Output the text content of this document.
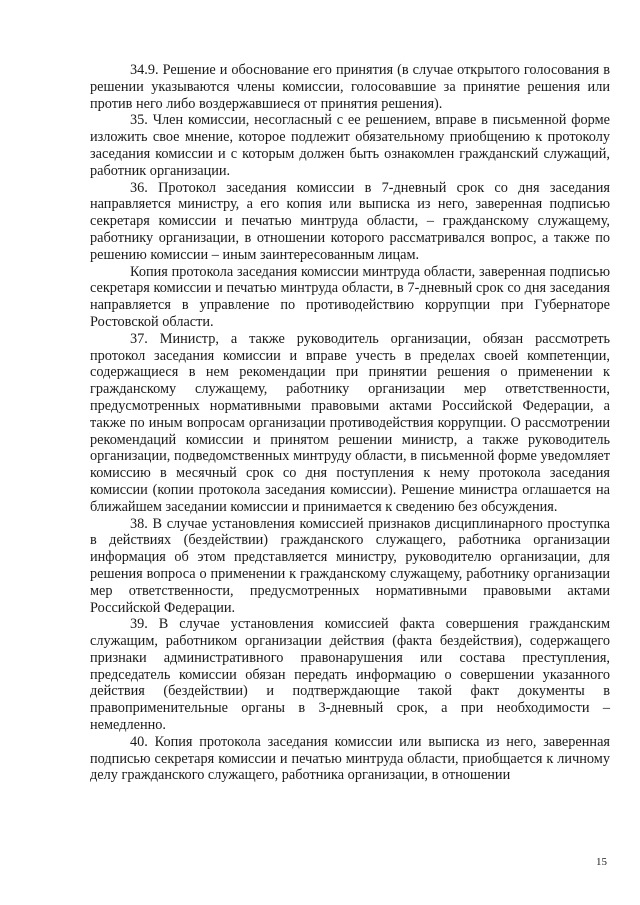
34.9. Решение и обоснование его принятия (в случае открытого голосования в решении указываются члены комиссии, голосовавшие за принятие решения или против него либо воздержавшиеся от принятия решения).

35. Член комиссии, несогласный с ее решением, вправе в письменной форме изложить свое мнение, которое подлежит обязательному приобщению к протоколу заседания комиссии и с которым должен быть ознакомлен гражданский служащий, работник организации.

36. Протокол заседания комиссии в 7-дневный срок со дня заседания направляется министру, а его копия или выписка из него, заверенная подписью секретаря комиссии и печатью минтруда области, – гражданскому служащему, работнику организации, в отношении которого рассматривался вопрос, а также по решению комиссии – иным заинтересованным лицам.

Копия протокола заседания комиссии минтруда области, заверенная подписью секретаря комиссии и печатью минтруда области, в 7-дневный срок со дня заседания направляется в управление по противодействию коррупции при Губернаторе Ростовской области.

37. Министр, а также руководитель организации, обязан рассмотреть протокол заседания комиссии и вправе учесть в пределах своей компетенции, содержащиеся в нем рекомендации при принятии решения о применении к гражданскому служащему, работнику организации мер ответственности, предусмотренных нормативными правовыми актами Российской Федерации, а также по иным вопросам организации противодействия коррупции. О рассмотрении рекомендаций комиссии и принятом решении министр, а также руководитель организации, подведомственных минтруду области, в письменной форме уведомляет комиссию в месячный срок со дня поступления к нему протокола заседания комиссии (копии протокола заседания комиссии). Решение министра оглашается на ближайшем заседании комиссии и принимается к сведению без обсуждения.

38. В случае установления комиссией признаков дисциплинарного проступка в действиях (бездействии) гражданского служащего, работника организации информация об этом представляется министру, руководителю организации, для решения вопроса о применении к гражданскому служащему, работнику организации мер ответственности, предусмотренных нормативными правовыми актами Российской Федерации.

39. В случае установления комиссией факта совершения гражданским служащим, работником организации действия (факта бездействия), содержащего признаки административного правонарушения или состава преступления, председатель комиссии обязан передать информацию о совершении указанного действия (бездействии) и подтверждающие такой факт документы в правоприменительные органы в 3-дневный срок, а при необходимости – немедленно.

40. Копия протокола заседания комиссии или выписка из него, заверенная подписью секретаря комиссии и печатью минтруда области, приобщается к личному делу гражданского служащего, работника организации, в отношении

15
